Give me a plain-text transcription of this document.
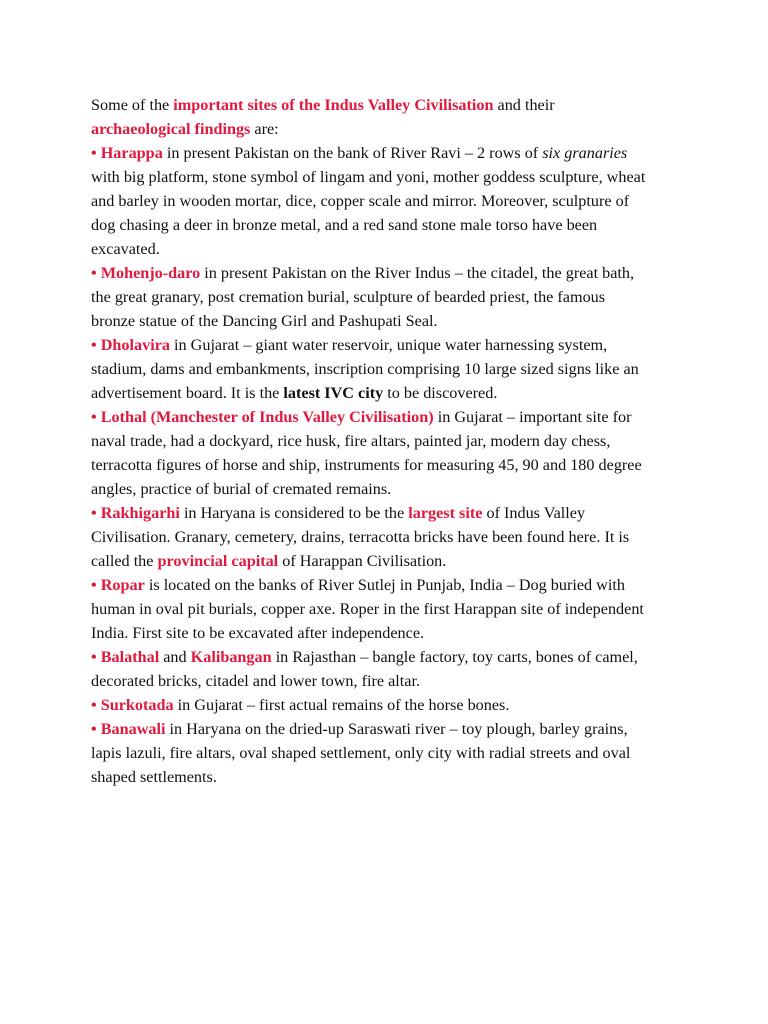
Some of the important sites of the Indus Valley Civilisation and their archaeological findings are:

• Harappa in present Pakistan on the bank of River Ravi – 2 rows of six granaries with big platform, stone symbol of lingam and yoni, mother goddess sculpture, wheat and barley in wooden mortar, dice, copper scale and mirror. Moreover, sculpture of dog chasing a deer in bronze metal, and a red sand stone male torso have been excavated.

• Mohenjo-daro in present Pakistan on the River Indus – the citadel, the great bath, the great granary, post cremation burial, sculpture of bearded priest, the famous bronze statue of the Dancing Girl and Pashupati Seal.

• Dholavira in Gujarat – giant water reservoir, unique water harnessing system, stadium, dams and embankments, inscription comprising 10 large sized signs like an advertisement board. It is the latest IVC city to be discovered.

• Lothal (Manchester of Indus Valley Civilisation) in Gujarat – important site for naval trade, had a dockyard, rice husk, fire altars, painted jar, modern day chess, terracotta figures of horse and ship, instruments for measuring 45, 90 and 180 degree angles, practice of burial of cremated remains.

• Rakhigarhi in Haryana is considered to be the largest site of Indus Valley Civilisation. Granary, cemetery, drains, terracotta bricks have been found here. It is called the provincial capital of Harappan Civilisation.

• Ropar is located on the banks of River Sutlej in Punjab, India – Dog buried with human in oval pit burials, copper axe. Roper in the first Harappan site of independent India. First site to be excavated after independence.

• Balathal and Kalibangan in Rajasthan – bangle factory, toy carts, bones of camel, decorated bricks, citadel and lower town, fire altar.

• Surkotada in Gujarat – first actual remains of the horse bones.

• Banawali in Haryana on the dried-up Saraswati river – toy plough, barley grains, lapis lazuli, fire altars, oval shaped settlement, only city with radial streets and oval shaped settlements.
